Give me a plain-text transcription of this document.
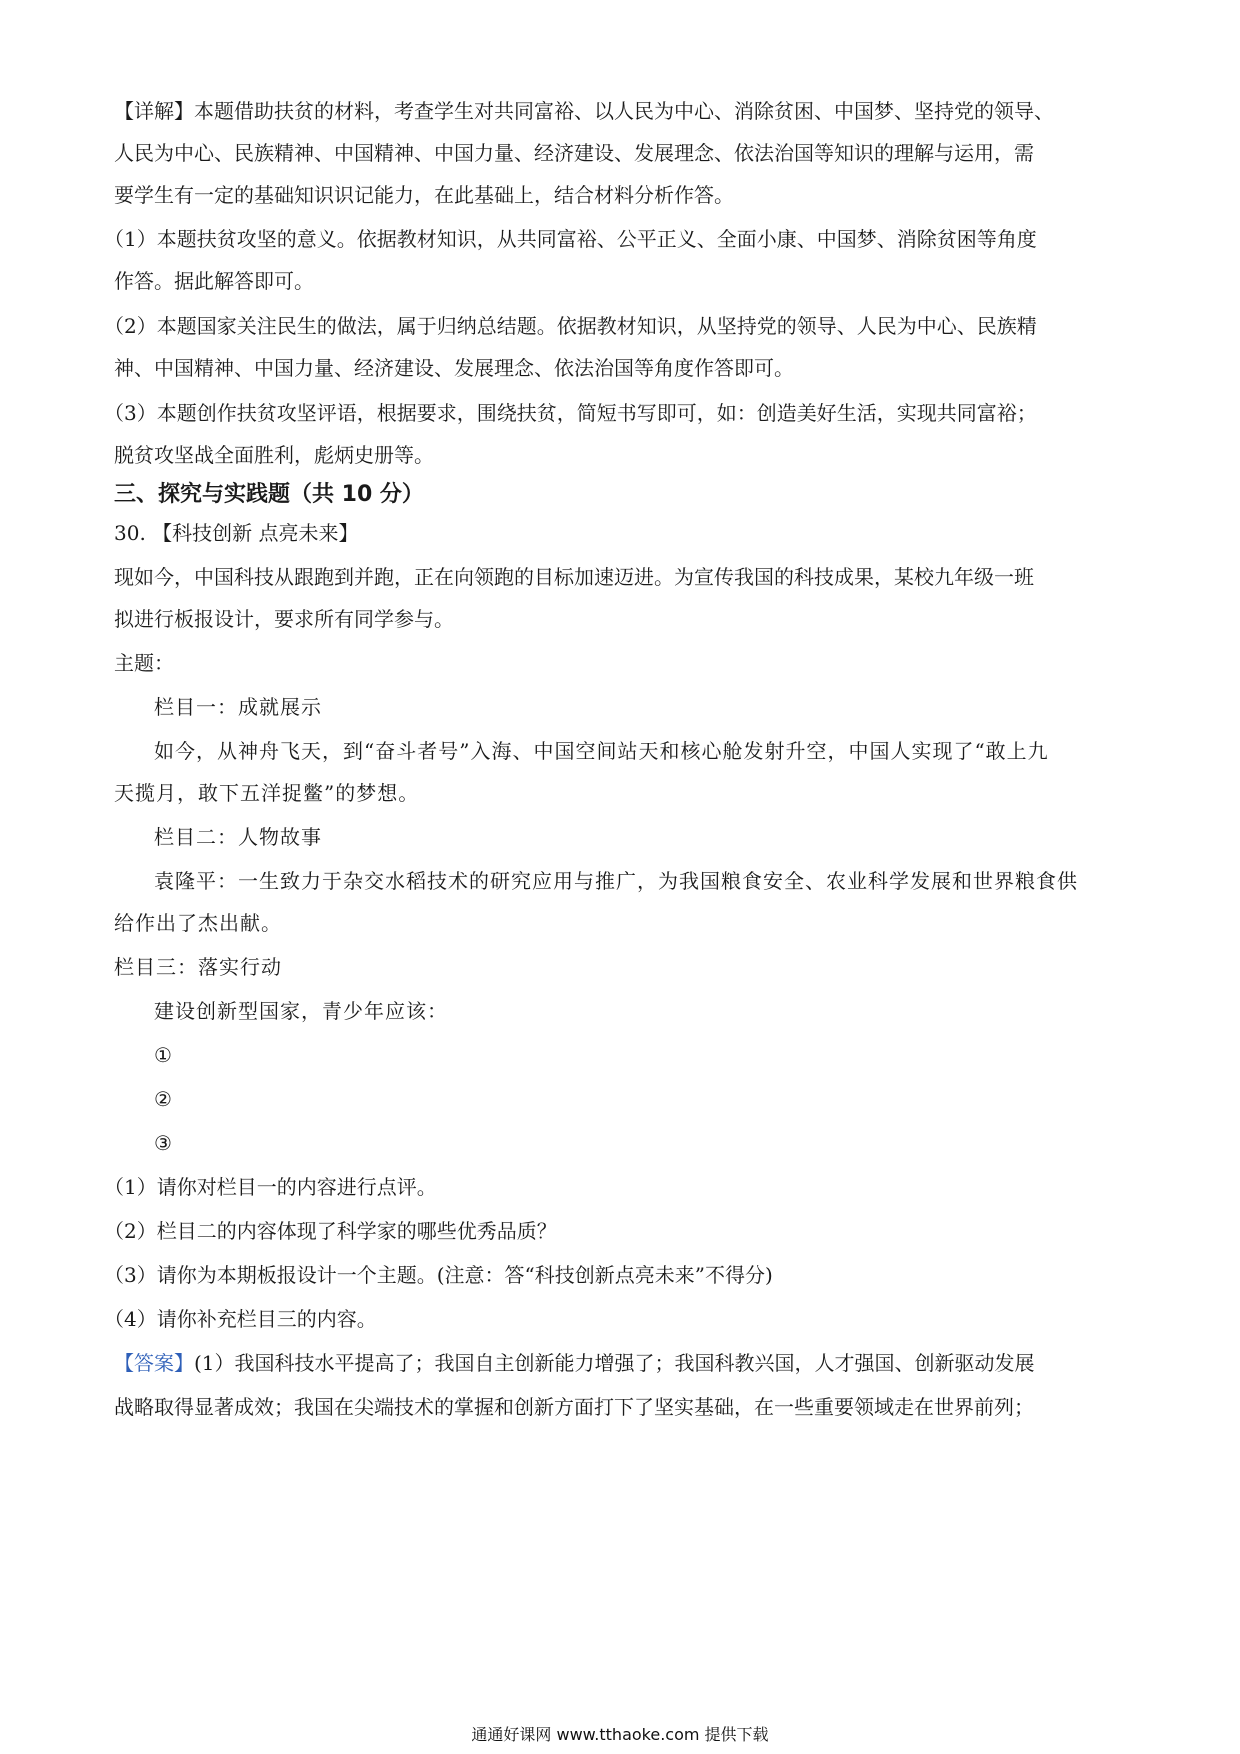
【详解】本题借助扶贫的材料，考查学生对共同富裕、以人民为中心、消除贫困、中国梦、坚持党的领导、

人民为中心、民族精神、中国精神、中国力量、经济建设、发展理念、依法治国等知识的理解与运用，需

要学生有一定的基础知识识记能力，在此基础上，结合材料分析作答。

（1）本题扶贫攻坚的意义。依据教材知识，从共同富裕、公平正义、全面小康、中国梦、消除贫困等角度

作答。据此解答即可。

（2）本题国家关注民生的做法，属于归纳总结题。依据教材知识，从坚持党的领导、人民为中心、民族精

神、中国精神、中国力量、经济建设、发展理念、依法治国等角度作答即可。

（3）本题创作扶贫攻坚评语，根据要求，围绕扶贫，简短书写即可，如：创造美好生活，实现共同富裕；

脱贫攻坚战全面胜利，彪炳史册等。

三、探究与实践题（共 10 分）

30. 【科技创新 点亮未来】

现如今，中国科技从跟跑到并跑，正在向领跑的目标加速迈进。为宣传我国的科技成果，某校九年级一班

拟进行板报设计，要求所有同学参与。

主题：

栏目一：成就展示

如今，从神舟飞天，到“奋斗者号”入海、中国空间站天和核心舱发射升空，中国人实现了“敢上九

天揽月，敢下五洋捉鳖”的梦想。

栏目二：人物故事

袁隆平：一生致力于杂交水稻技术的研究应用与推广，为我国粮食安全、农业科学发展和世界粮食供

给作出了杰出献。

栏目三：落实行动

建设创新型国家，青少年应该：

①

②

③

（1）请你对栏目一的内容进行点评。

（2）栏目二的内容体现了科学家的哪些优秀品质？

（3）请你为本期板报设计一个主题。(注意：答“科技创新点亮未来”不得分)

（4）请你补充栏目三的内容。

【答案】(1）我国科技水平提高了；我国自主创新能力增强了；我国科教兴国，人才强国、创新驱动发展

战略取得显著成效；我国在尖端技术的掌握和创新方面打下了坚实基础，在一些重要领域走在世界前列；

通通好课网 www.tthaoke.com 提供下载
